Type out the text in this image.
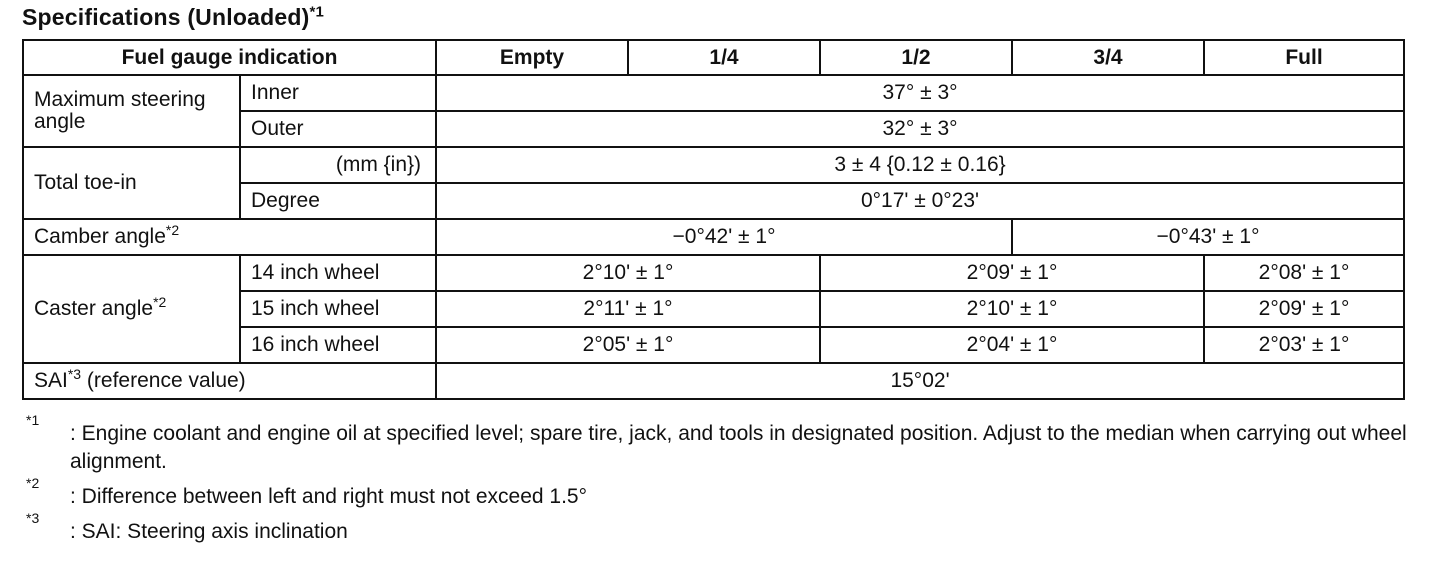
Specifications (Unloaded)$^{*1}$
Fuel gauge indication		Empty	1/4	1/2	3/4	Full
Maximum steering angle	Inner	37° ± 3°				
	Outer	32° ± 3°				
Total toe-in	(mm {in})	3 ± 4 {0.12 ± 0.16}				
	Degree	0°17' ± 0°23'				
Camber angle$^{*2}$		−0°42' ± 1°			−0°43' ± 1°	
Caster angle$^{*2}$	14 inch wheel	2°10' ± 1°		2°09' ± 1°		2°08' ± 1°
	15 inch wheel	2°11' ± 1°		2°10' ± 1°		2°09' ± 1°
	16 inch wheel	2°05' ± 1°		2°04' ± 1°		2°03' ± 1°
SAI$^{*3}$ (reference value)		15°02'				
*1
: Engine coolant and engine oil at specified level; spare tire, jack, and tools in designated position. Adjust to the median when carrying out wheel alignment.
*2
: Difference between left and right must not exceed 1.5°
*3
: SAI: Steering axis inclination
